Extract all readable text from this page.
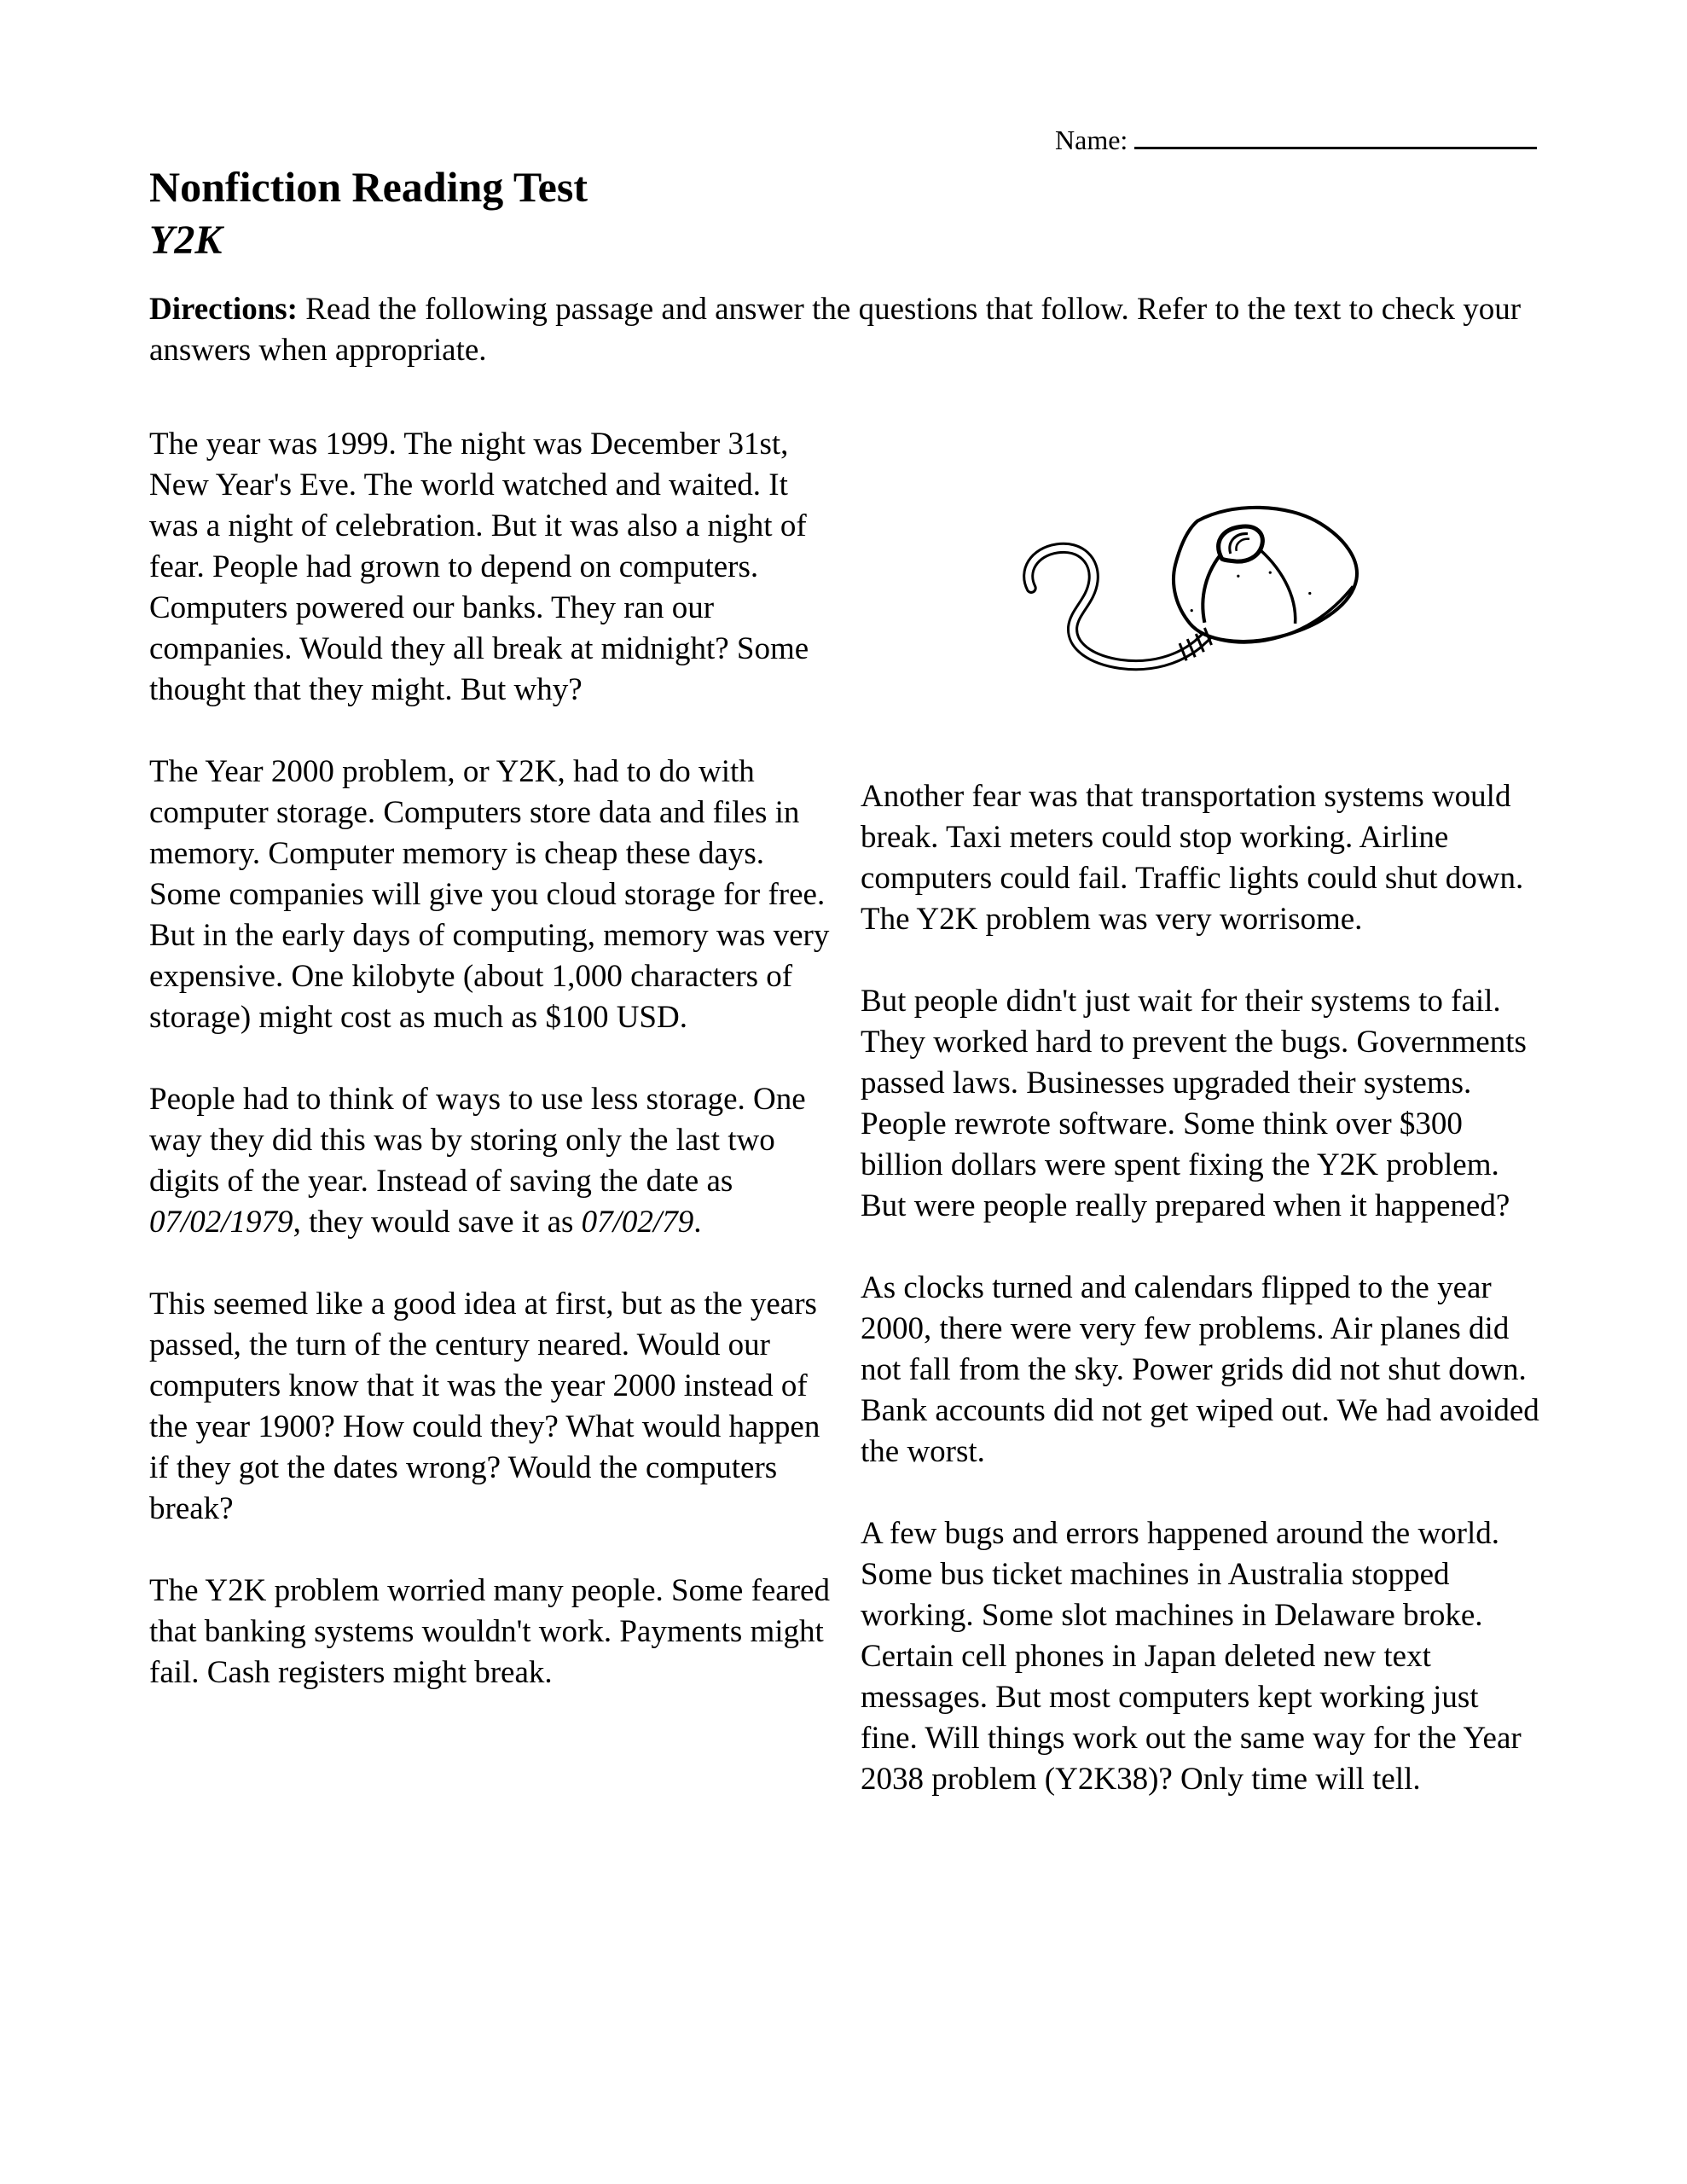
Name:
Nonfiction Reading Test
Y2K

Directions: Read the following passage and answer the questions that follow. Refer to the text to check your answers when appropriate.

The year was 1999. The night was December 31st, New Year's Eve. The world watched and waited. It was a night of celebration. But it was also a night of fear. People had grown to depend on computers. Computers powered our banks. They ran our companies. Would they all break at midnight? Some thought that they might. But why?

The Year 2000 problem, or Y2K, had to do with computer storage. Computers store data and files in memory. Computer memory is cheap these days. Some companies will give you cloud storage for free. But in the early days of computing, memory was very expensive. One kilobyte (about 1,000 characters of storage) might cost as much as $100 USD.

People had to think of ways to use less storage. One way they did this was by storing only the last two digits of the year. Instead of saving the date as 07/02/1979, they would save it as 07/02/79.

This seemed like a good idea at first, but as the years passed, the turn of the century neared. Would our computers know that it was the year 2000 instead of the year 1900? How could they? What would happen if they got the dates wrong? Would the computers break?

The Y2K problem worried many people. Some feared that banking systems wouldn't work. Payments might fail. Cash registers might break.

Another fear was that transportation systems would break. Taxi meters could stop working. Airline computers could fail. Traffic lights could shut down. The Y2K problem was very worrisome.

But people didn't just wait for their systems to fail. They worked hard to prevent the bugs. Governments passed laws. Businesses upgraded their systems. People rewrote software. Some think over $300 billion dollars were spent fixing the Y2K problem. But were people really prepared when it happened?

As clocks turned and calendars flipped to the year 2000, there were very few problems. Air planes did not fall from the sky. Power grids did not shut down. Bank accounts did not get wiped out. We had avoided the worst.

A few bugs and errors happened around the world. Some bus ticket machines in Australia stopped working. Some slot machines in Delaware broke. Certain cell phones in Japan deleted new text messages. But most computers kept working just fine. Will things work out the same way for the Year 2038 problem (Y2K38)? Only time will tell.
